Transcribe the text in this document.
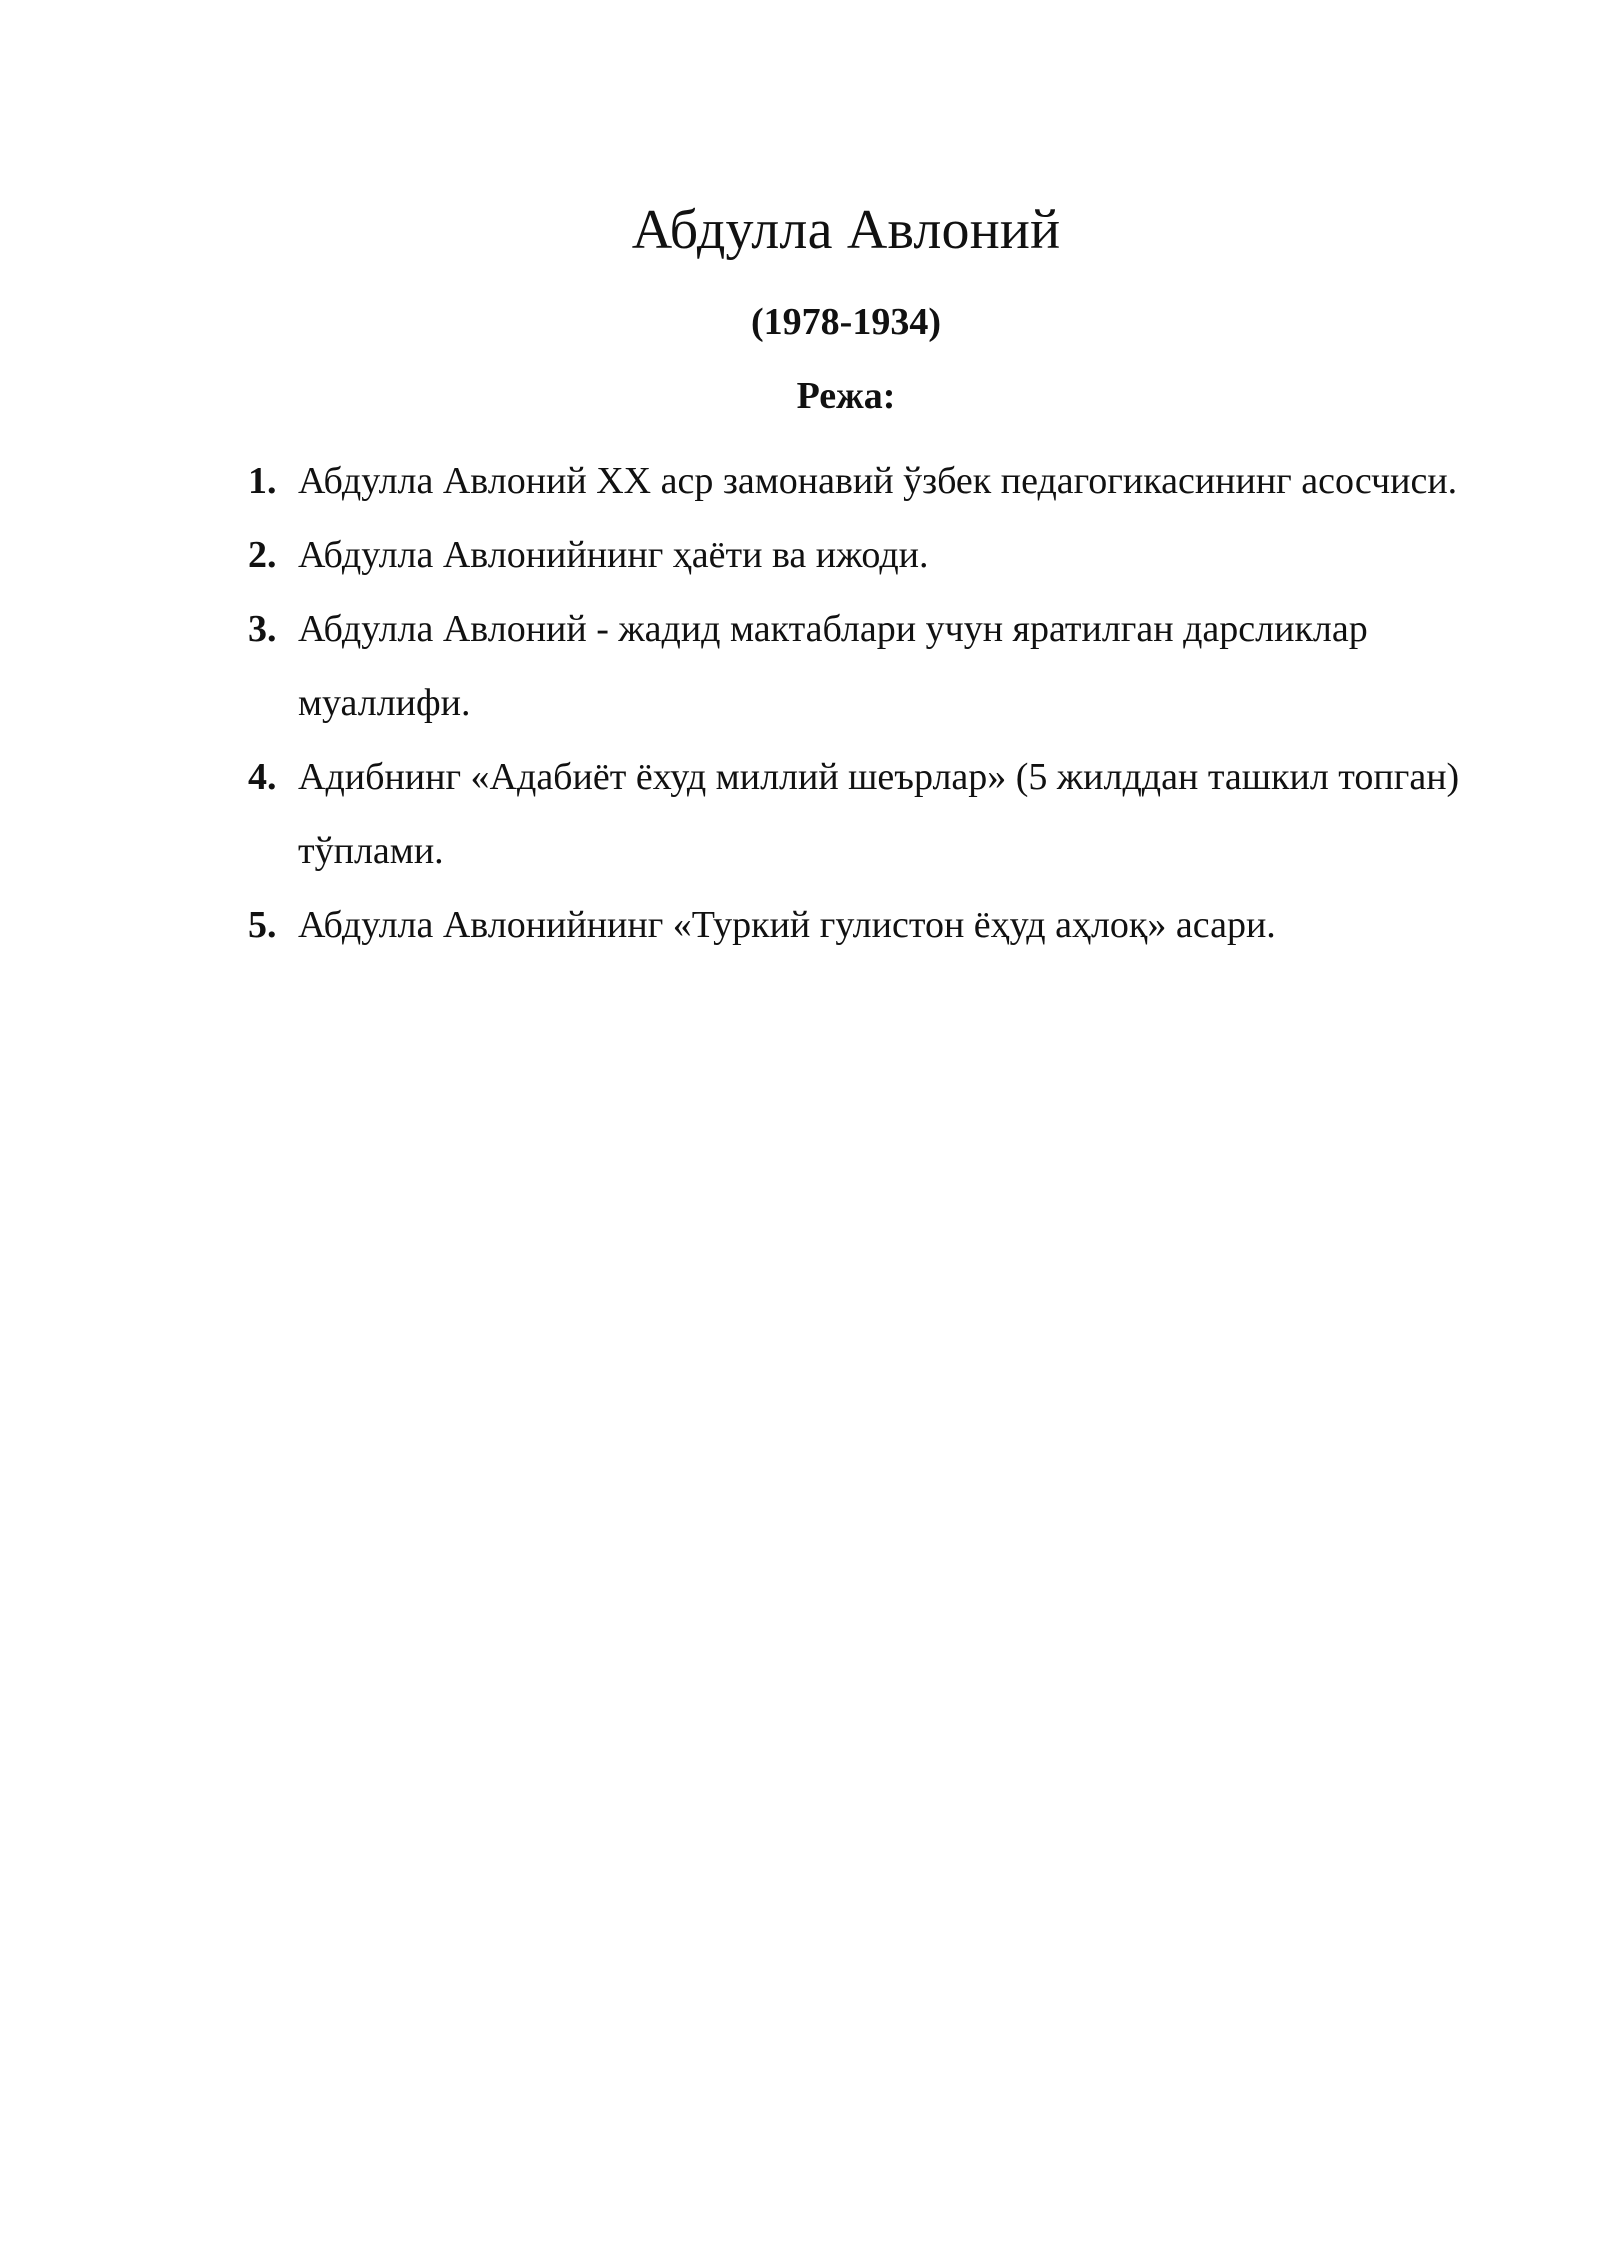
Абдулла Авлоний
(1978-1934)
Режа:
1. Абдулла Авлоний XX аср замонавий ўзбек педагогикасининг асосчиси.
2. Абдулла Авлонийнинг ҳаёти ва ижоди.
3. Абдулла Авлоний - жадид мактаблари учун яратилган дарсликлар муаллифи.
4. Адибнинг «Адабиёт ёхуд миллий шеърлар» (5 жилддан ташкил топган) тўплами.
5. Абдулла Авлонийнинг «Туркий гулистон ёҳуд аҳлоқ» асари.
